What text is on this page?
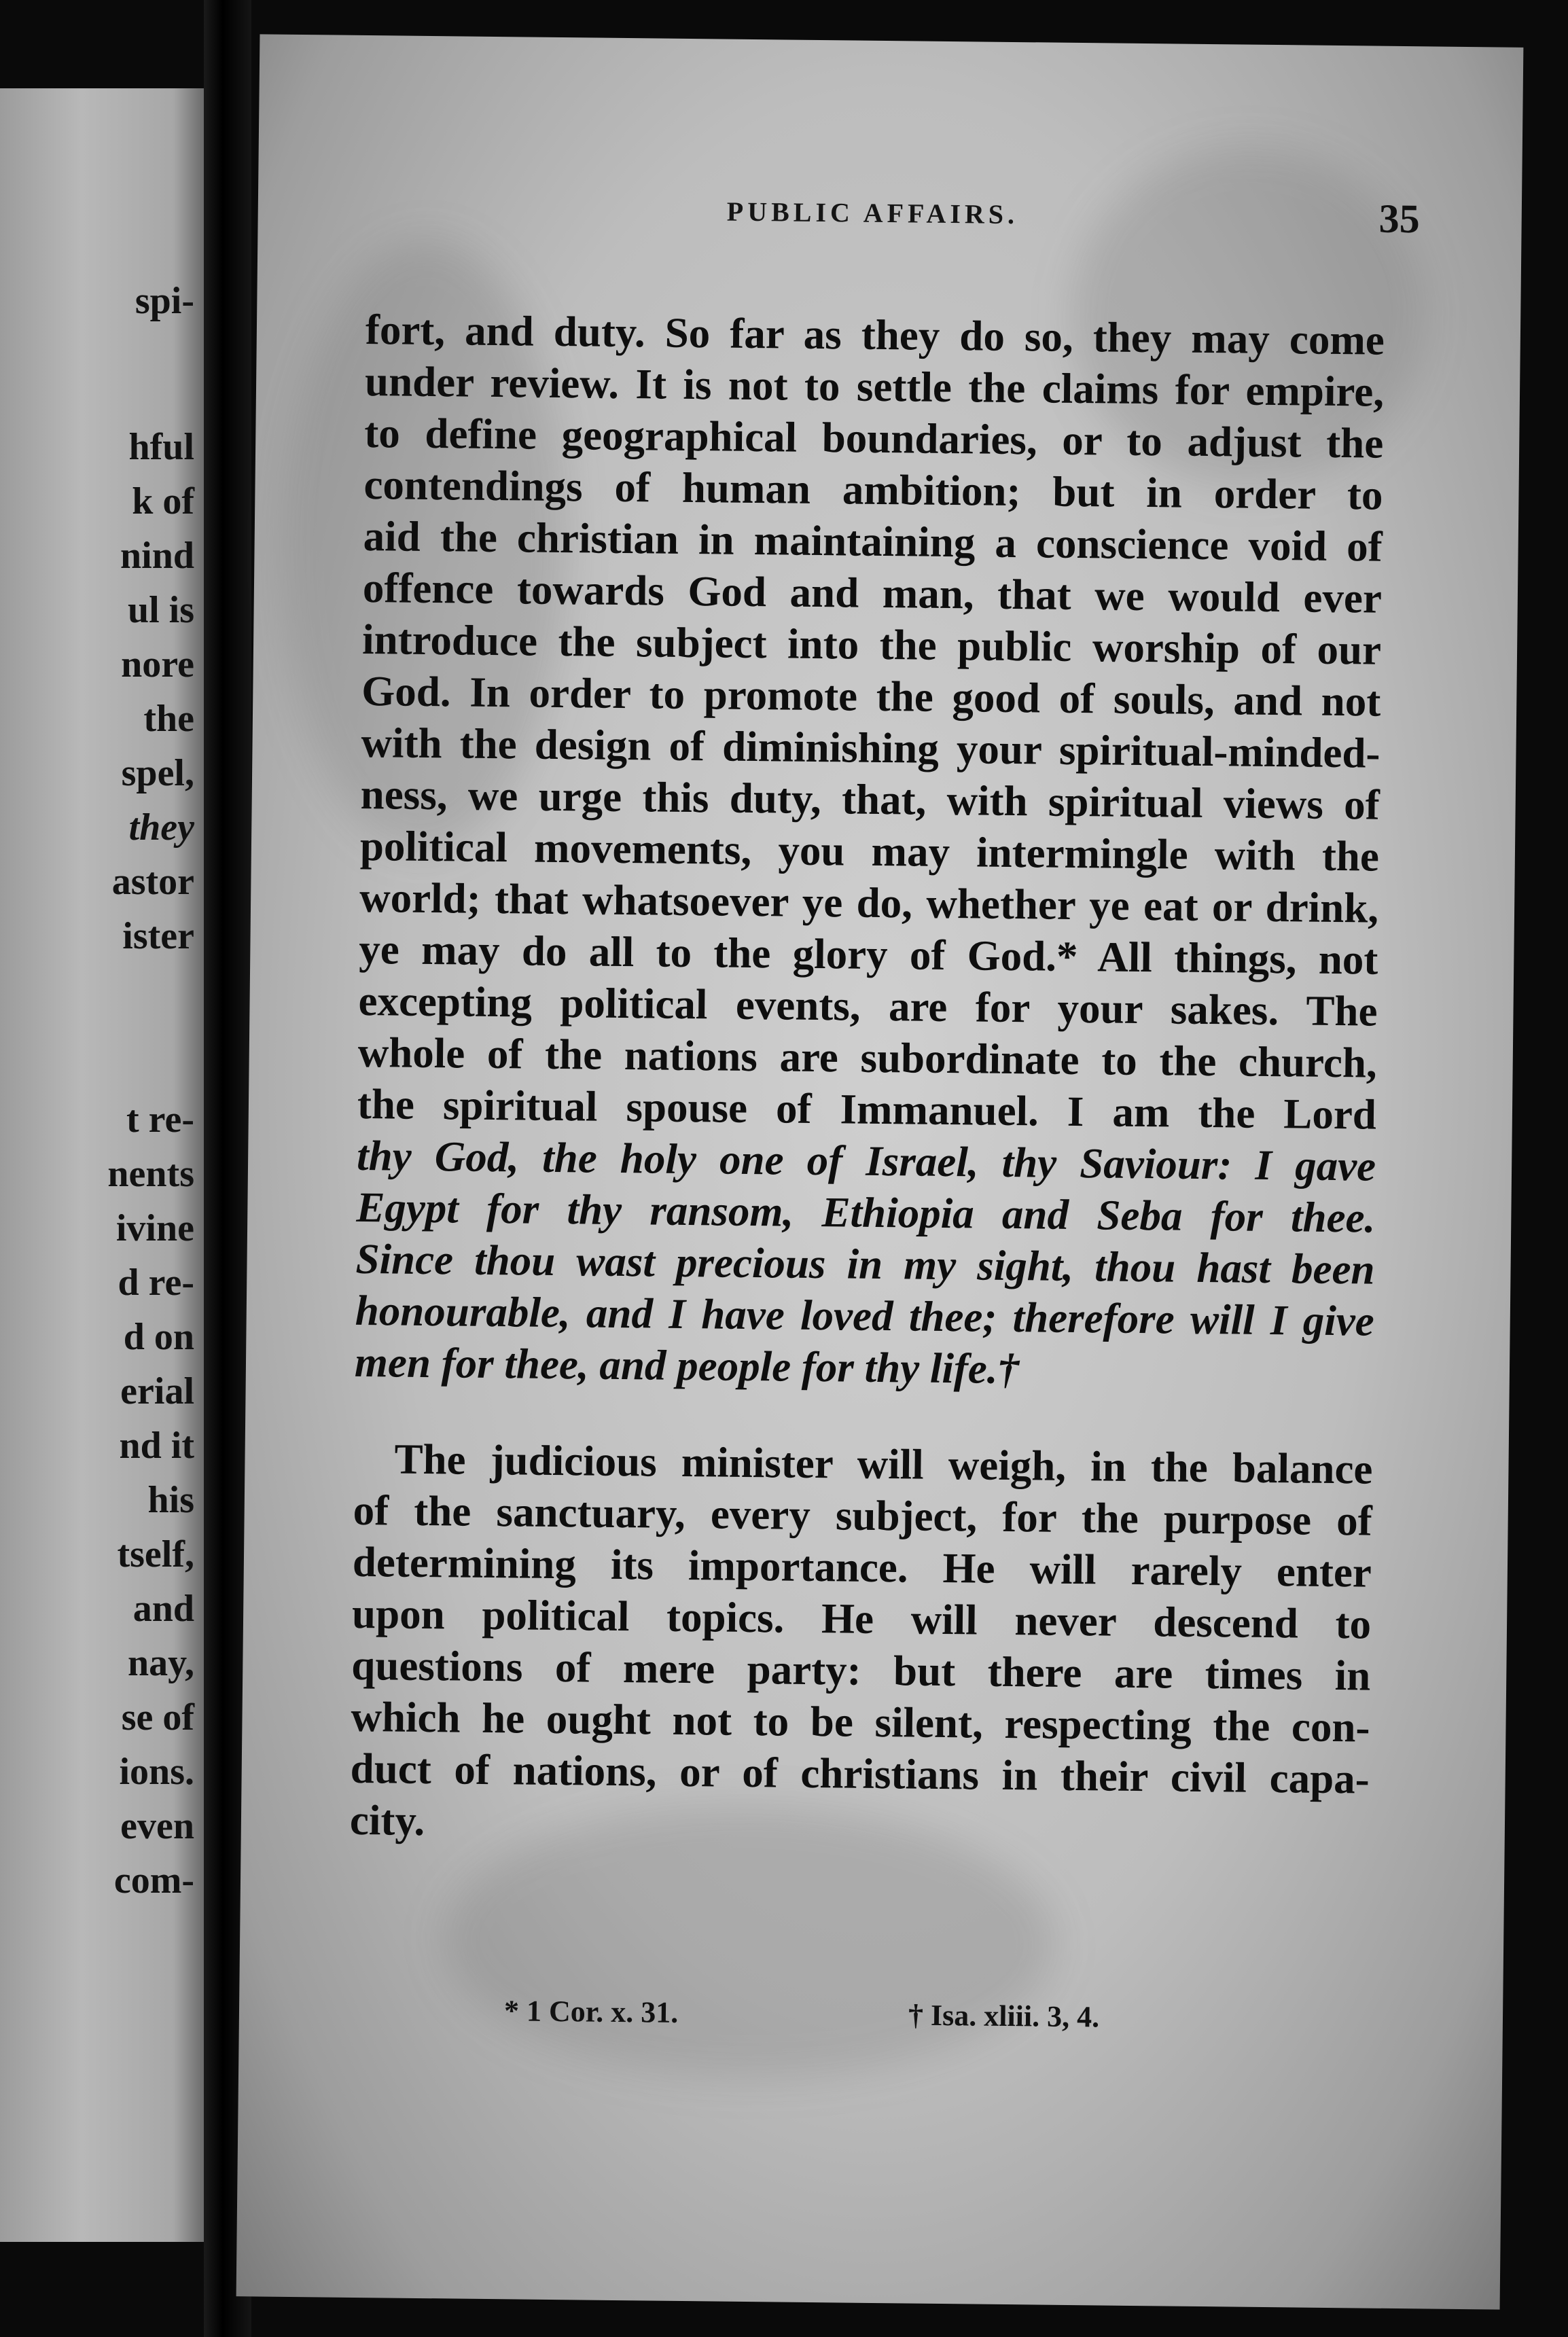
spi-
hful
k of
nind
ul is
nore
the
spel,
they
astor
ister
t re-
nents
ivine
d re-
d on
erial
nd it
his
tself,
and
nay,
se of
ions.
even
com-
PUBLIC AFFAIRS.	35
fort, and duty. So far as they do so, they may come
under review. It is not to settle the claims for empire,
to define geographical boundaries, or to adjust the
contendings of human ambition; but in order to
aid the christian in maintaining a conscience void of
offence towards God and man, that we would ever
introduce the subject into the public worship of our
God. In order to promote the good of souls, and not
with the design of diminishing your spiritual-minded-
ness, we urge this duty, that, with spiritual views of
political movements, you may intermingle with the
world; that whatsoever ye do, whether ye eat or drink,
ye may do all to the glory of God.* All things, not
excepting political events, are for your sakes. The
whole of the nations are subordinate to the church,
the spiritual spouse of Immanuel. I am the Lord
thy God, the holy one of Israel, thy Saviour: I gave
Egypt for thy ransom, Ethiopia and Seba for thee.
Since thou wast precious in my sight, thou hast been
honourable, and I have loved thee; therefore will I give
men for thee, and people for thy life.†
The judicious minister will weigh, in the balance
of the sanctuary, every subject, for the purpose of
determining its importance. He will rarely enter
upon political topics. He will never descend to
questions of mere party: but there are times in
which he ought not to be silent, respecting the con-
duct of nations, or of christians in their civil capa-
city.
* 1 Cor. x. 31.	† Isa. xliii. 3, 4.
